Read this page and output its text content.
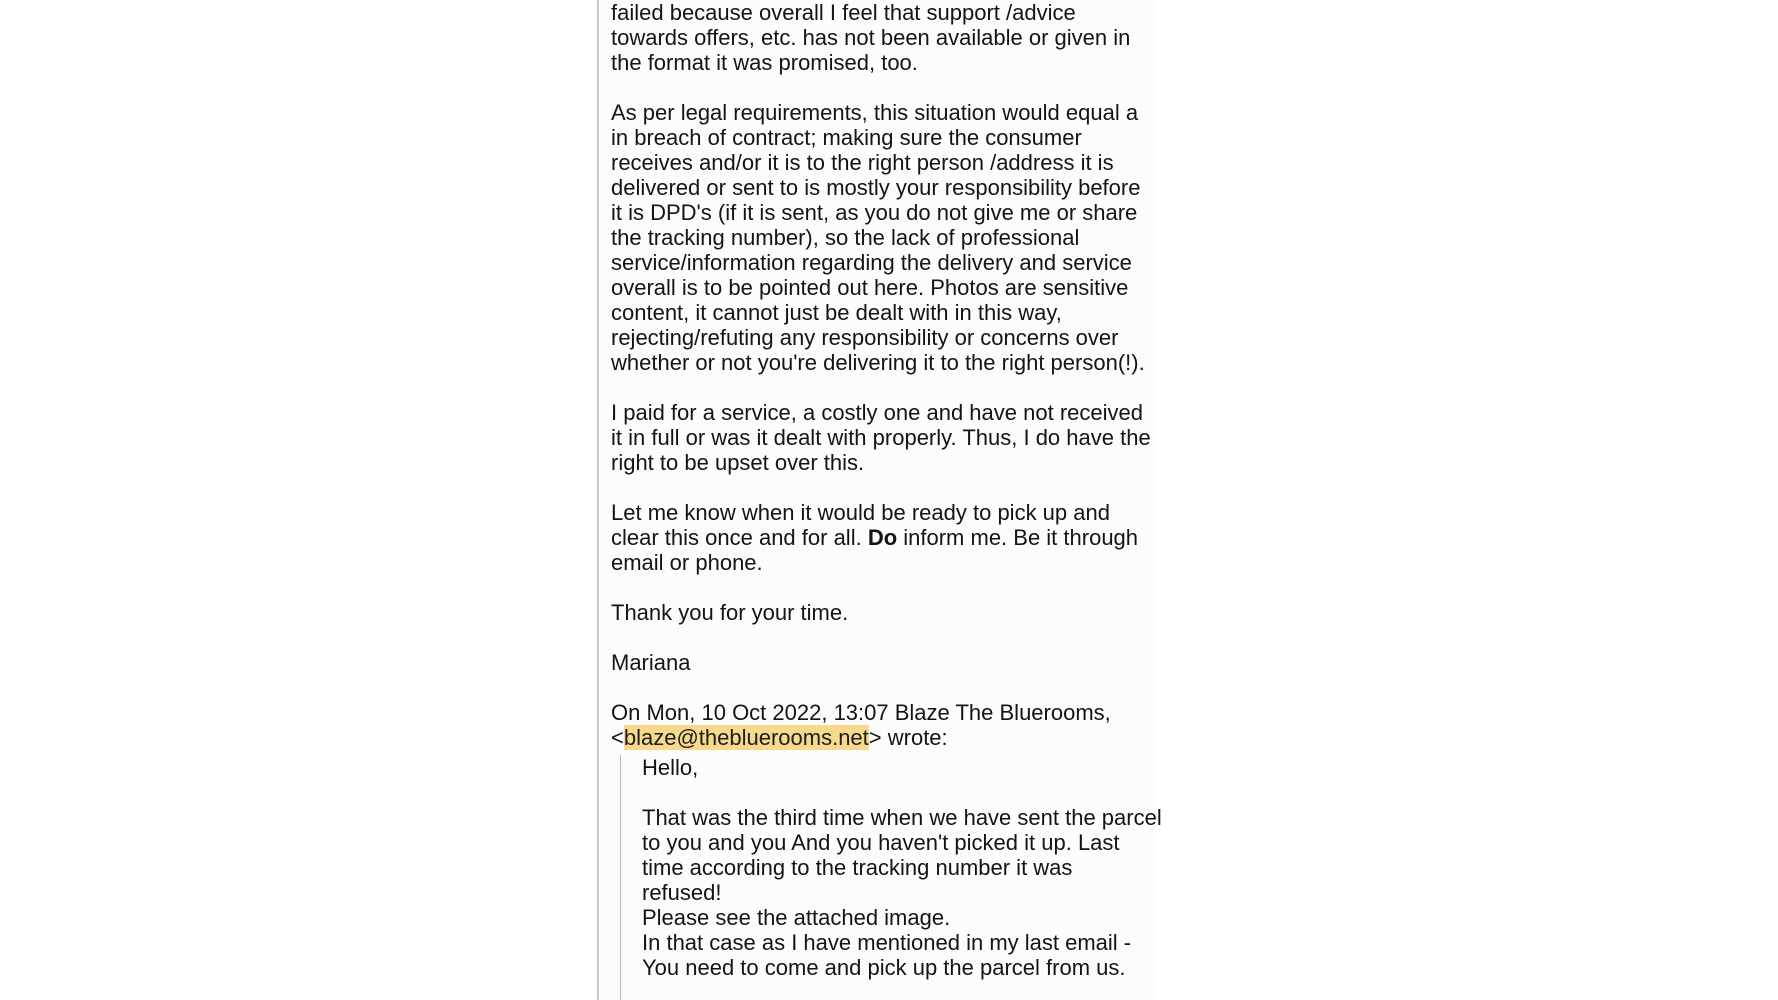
failed because overall I feel that support /advice
towards offers, etc. has not been available or given in
the format it was promised, too.

As per legal requirements, this situation would equal a
in breach of contract; making sure the consumer
receives and/or it is to the right person /address it is
delivered or sent to is mostly your responsibility before
it is DPD's (if it is sent, as you do not give me or share
the tracking number), so the lack of professional
service/information regarding the delivery and service
overall is to be pointed out here. Photos are sensitive
content, it cannot just be dealt with in this way,
rejecting/refuting any responsibility or concerns over
whether or not you're delivering it to the right person(!).

I paid for a service, a costly one and have not received
it in full or was it dealt with properly. Thus, I do have the
right to be upset over this.

Let me know when it would be ready to pick up and
clear this once and for all. Do inform me. Be it through
email or phone.

Thank you for your time.

Mariana

On Mon, 10 Oct 2022, 13:07 Blaze The Bluerooms,
<blaze@thebluerooms.net> wrote:

Hello,

That was the third time when we have sent the parcel
to you and you And you haven't picked it up. Last
time according to the tracking number it was
refused!
Please see the attached image.
In that case as I have mentioned in my last email -
You need to come and pick up the parcel from us.
